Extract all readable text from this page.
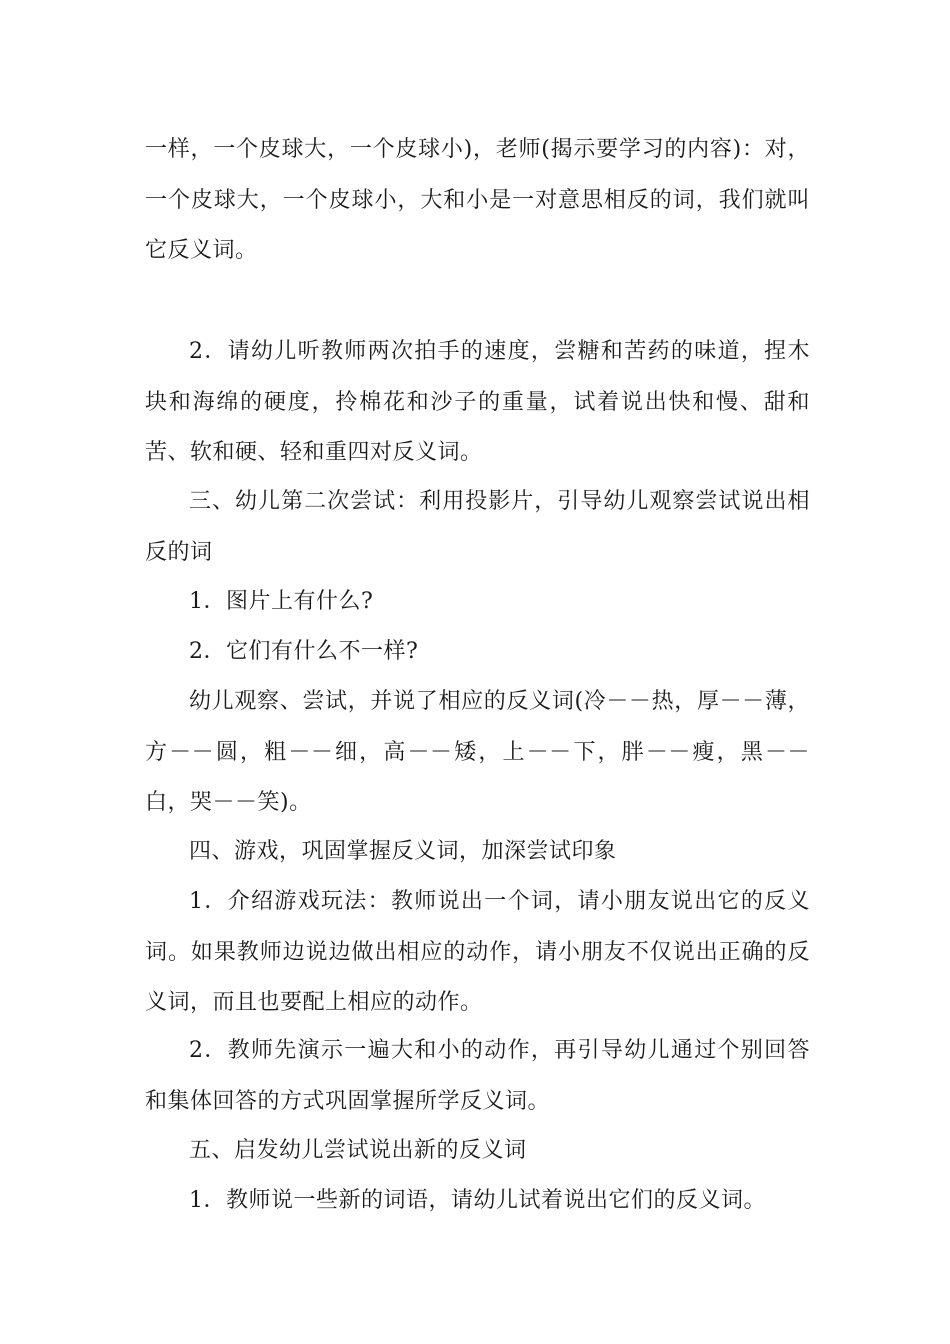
一样，一个皮球大，一个皮球小)，老师(揭示要学习的内容)：对，一个皮球大，一个皮球小，大和小是一对意思相反的词，我们就叫它反义词。

2．请幼儿听教师两次拍手的速度，尝糖和苦药的味道，捏木块和海绵的硬度，拎棉花和沙子的重量，试着说出快和慢、甜和苦、软和硬、轻和重四对反义词。

三、幼儿第二次尝试：利用投影片，引导幼儿观察尝试说出相反的词

1．图片上有什么?

2．它们有什么不一样?

幼儿观察、尝试，并说了相应的反义词(冷－－热，厚－－薄，方－－圆，粗－－细，高－－矮，上－－下，胖－－瘦，黑－－白，哭－－笑)。

四、游戏，巩固掌握反义词，加深尝试印象

1．介绍游戏玩法：教师说出一个词，请小朋友说出它的反义词。如果教师边说边做出相应的动作，请小朋友不仅说出正确的反义词，而且也要配上相应的动作。

2．教师先演示一遍大和小的动作，再引导幼儿通过个别回答和集体回答的方式巩固掌握所学反义词。

五、启发幼儿尝试说出新的反义词

1．教师说一些新的词语，请幼儿试着说出它们的反义词。
